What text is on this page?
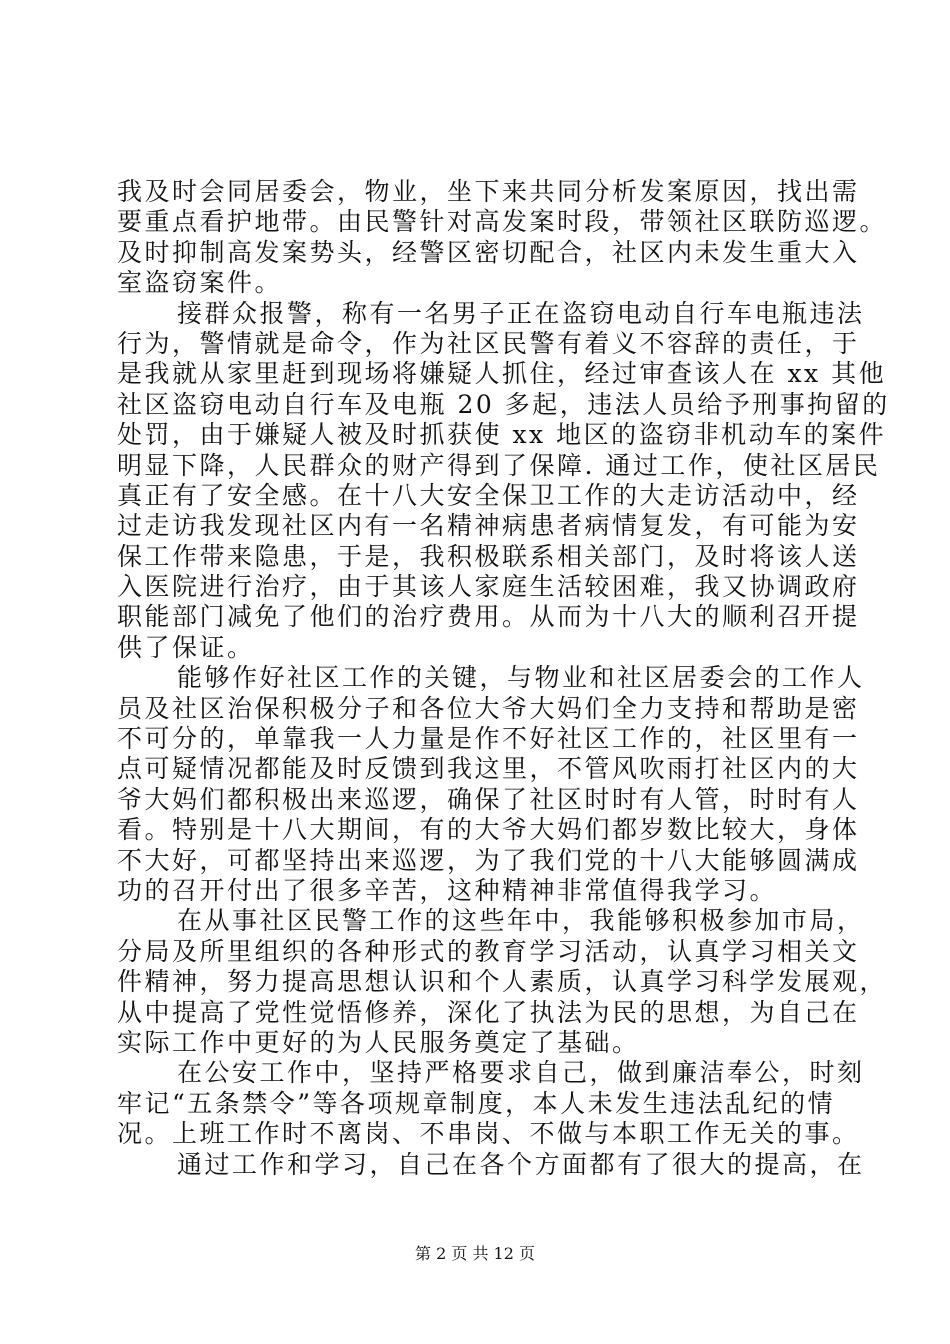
我及时会同居委会，物业，坐下来共同分析发案原因，找出需
要重点看护地带。由民警针对高发案时段，带领社区联防巡逻。
及时抑制高发案势头，经警区密切配合，社区内未发生重大入
室盗窃案件。
接群众报警，称有一名男子正在盗窃电动自行车电瓶违法
行为，警情就是命令，作为社区民警有着义不容辞的责任，于
是我就从家里赶到现场将嫌疑人抓住，经过审查该人在 xx 其他
社区盗窃电动自行车及电瓶 20 多起，违法人员给予刑事拘留的
处罚，由于嫌疑人被及时抓获使 xx 地区的盗窃非机动车的案件
明显下降，人民群众的财产得到了保障. 通过工作，使社区居民
真正有了安全感。在十八大安全保卫工作的大走访活动中，经
过走访我发现社区内有一名精神病患者病情复发，有可能为安
保工作带来隐患，于是，我积极联系相关部门，及时将该人送
入医院进行治疗，由于其该人家庭生活较困难，我又协调政府
职能部门减免了他们的治疗费用。从而为十八大的顺利召开提
供了保证。
能够作好社区工作的关键，与物业和社区居委会的工作人
员及社区治保积极分子和各位大爷大妈们全力支持和帮助是密
不可分的，单靠我一人力量是作不好社区工作的，社区里有一
点可疑情况都能及时反馈到我这里，不管风吹雨打社区内的大
爷大妈们都积极出来巡逻，确保了社区时时有人管，时时有人
看。特别是十八大期间，有的大爷大妈们都岁数比较大，身体
不大好，可都坚持出来巡逻，为了我们党的十八大能够圆满成
功的召开付出了很多辛苦，这种精神非常值得我学习。
在从事社区民警工作的这些年中，我能够积极参加市局，
分局及所里组织的各种形式的教育学习活动，认真学习相关文
件精神，努力提高思想认识和个人素质，认真学习科学发展观，
从中提高了党性觉悟修养，深化了执法为民的思想，为自己在
实际工作中更好的为人民服务奠定了基础。
在公安工作中，坚持严格要求自己，做到廉洁奉公，时刻
牢记“五条禁令”等各项规章制度，本人未发生违法乱纪的情
况。上班工作时不离岗、不串岗、不做与本职工作无关的事。
通过工作和学习，自己在各个方面都有了很大的提高，在
第 2 页 共 12 页
